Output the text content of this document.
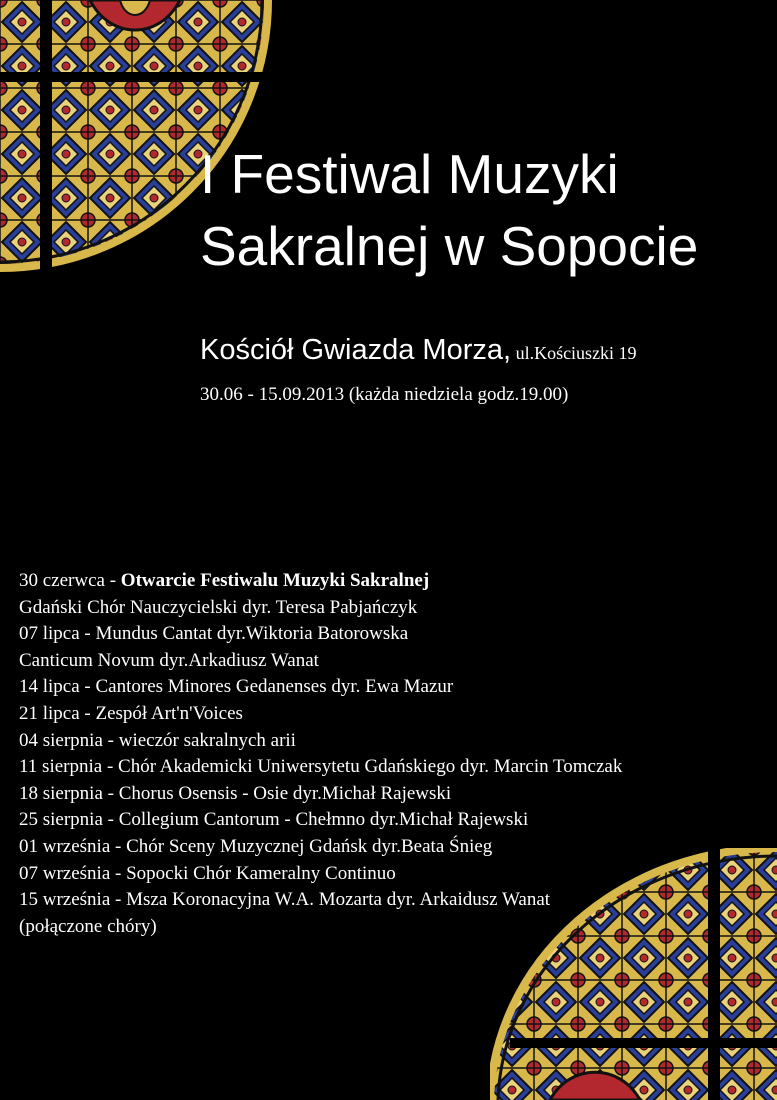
I Festiwal Muzyki
Sakralnej w Sopocie
Kościół Gwiazda Morza, ul.Kościuszki 19
30.06 - 15.09.2013 (każda niedziela godz.19.00)
30 czerwca - Otwarcie Festiwalu Muzyki Sakralnej
Gdański Chór Nauczycielski dyr. Teresa Pabjańczyk
07 lipca - Mundus Cantat dyr.Wiktoria Batorowska
Canticum Novum dyr.Arkadiusz Wanat
14 lipca - Cantores Minores Gedanenses dyr. Ewa Mazur
21 lipca - Zespół Art'n'Voices
04 sierpnia - wieczór sakralnych arii
11 sierpnia - Chór Akademicki Uniwersytetu Gdańskiego dyr. Marcin Tomczak
18 sierpnia - Chorus Osensis - Osie dyr.Michał Rajewski
25 sierpnia - Collegium Cantorum - Chełmno dyr.Michał Rajewski
01 września - Chór Sceny Muzycznej Gdańsk dyr.Beata Śnieg
07 września - Sopocki Chór Kameralny Continuo
15 września - Msza Koronacyjna W.A. Mozarta dyr. Arkaidusz Wanat
(połączone chóry)
